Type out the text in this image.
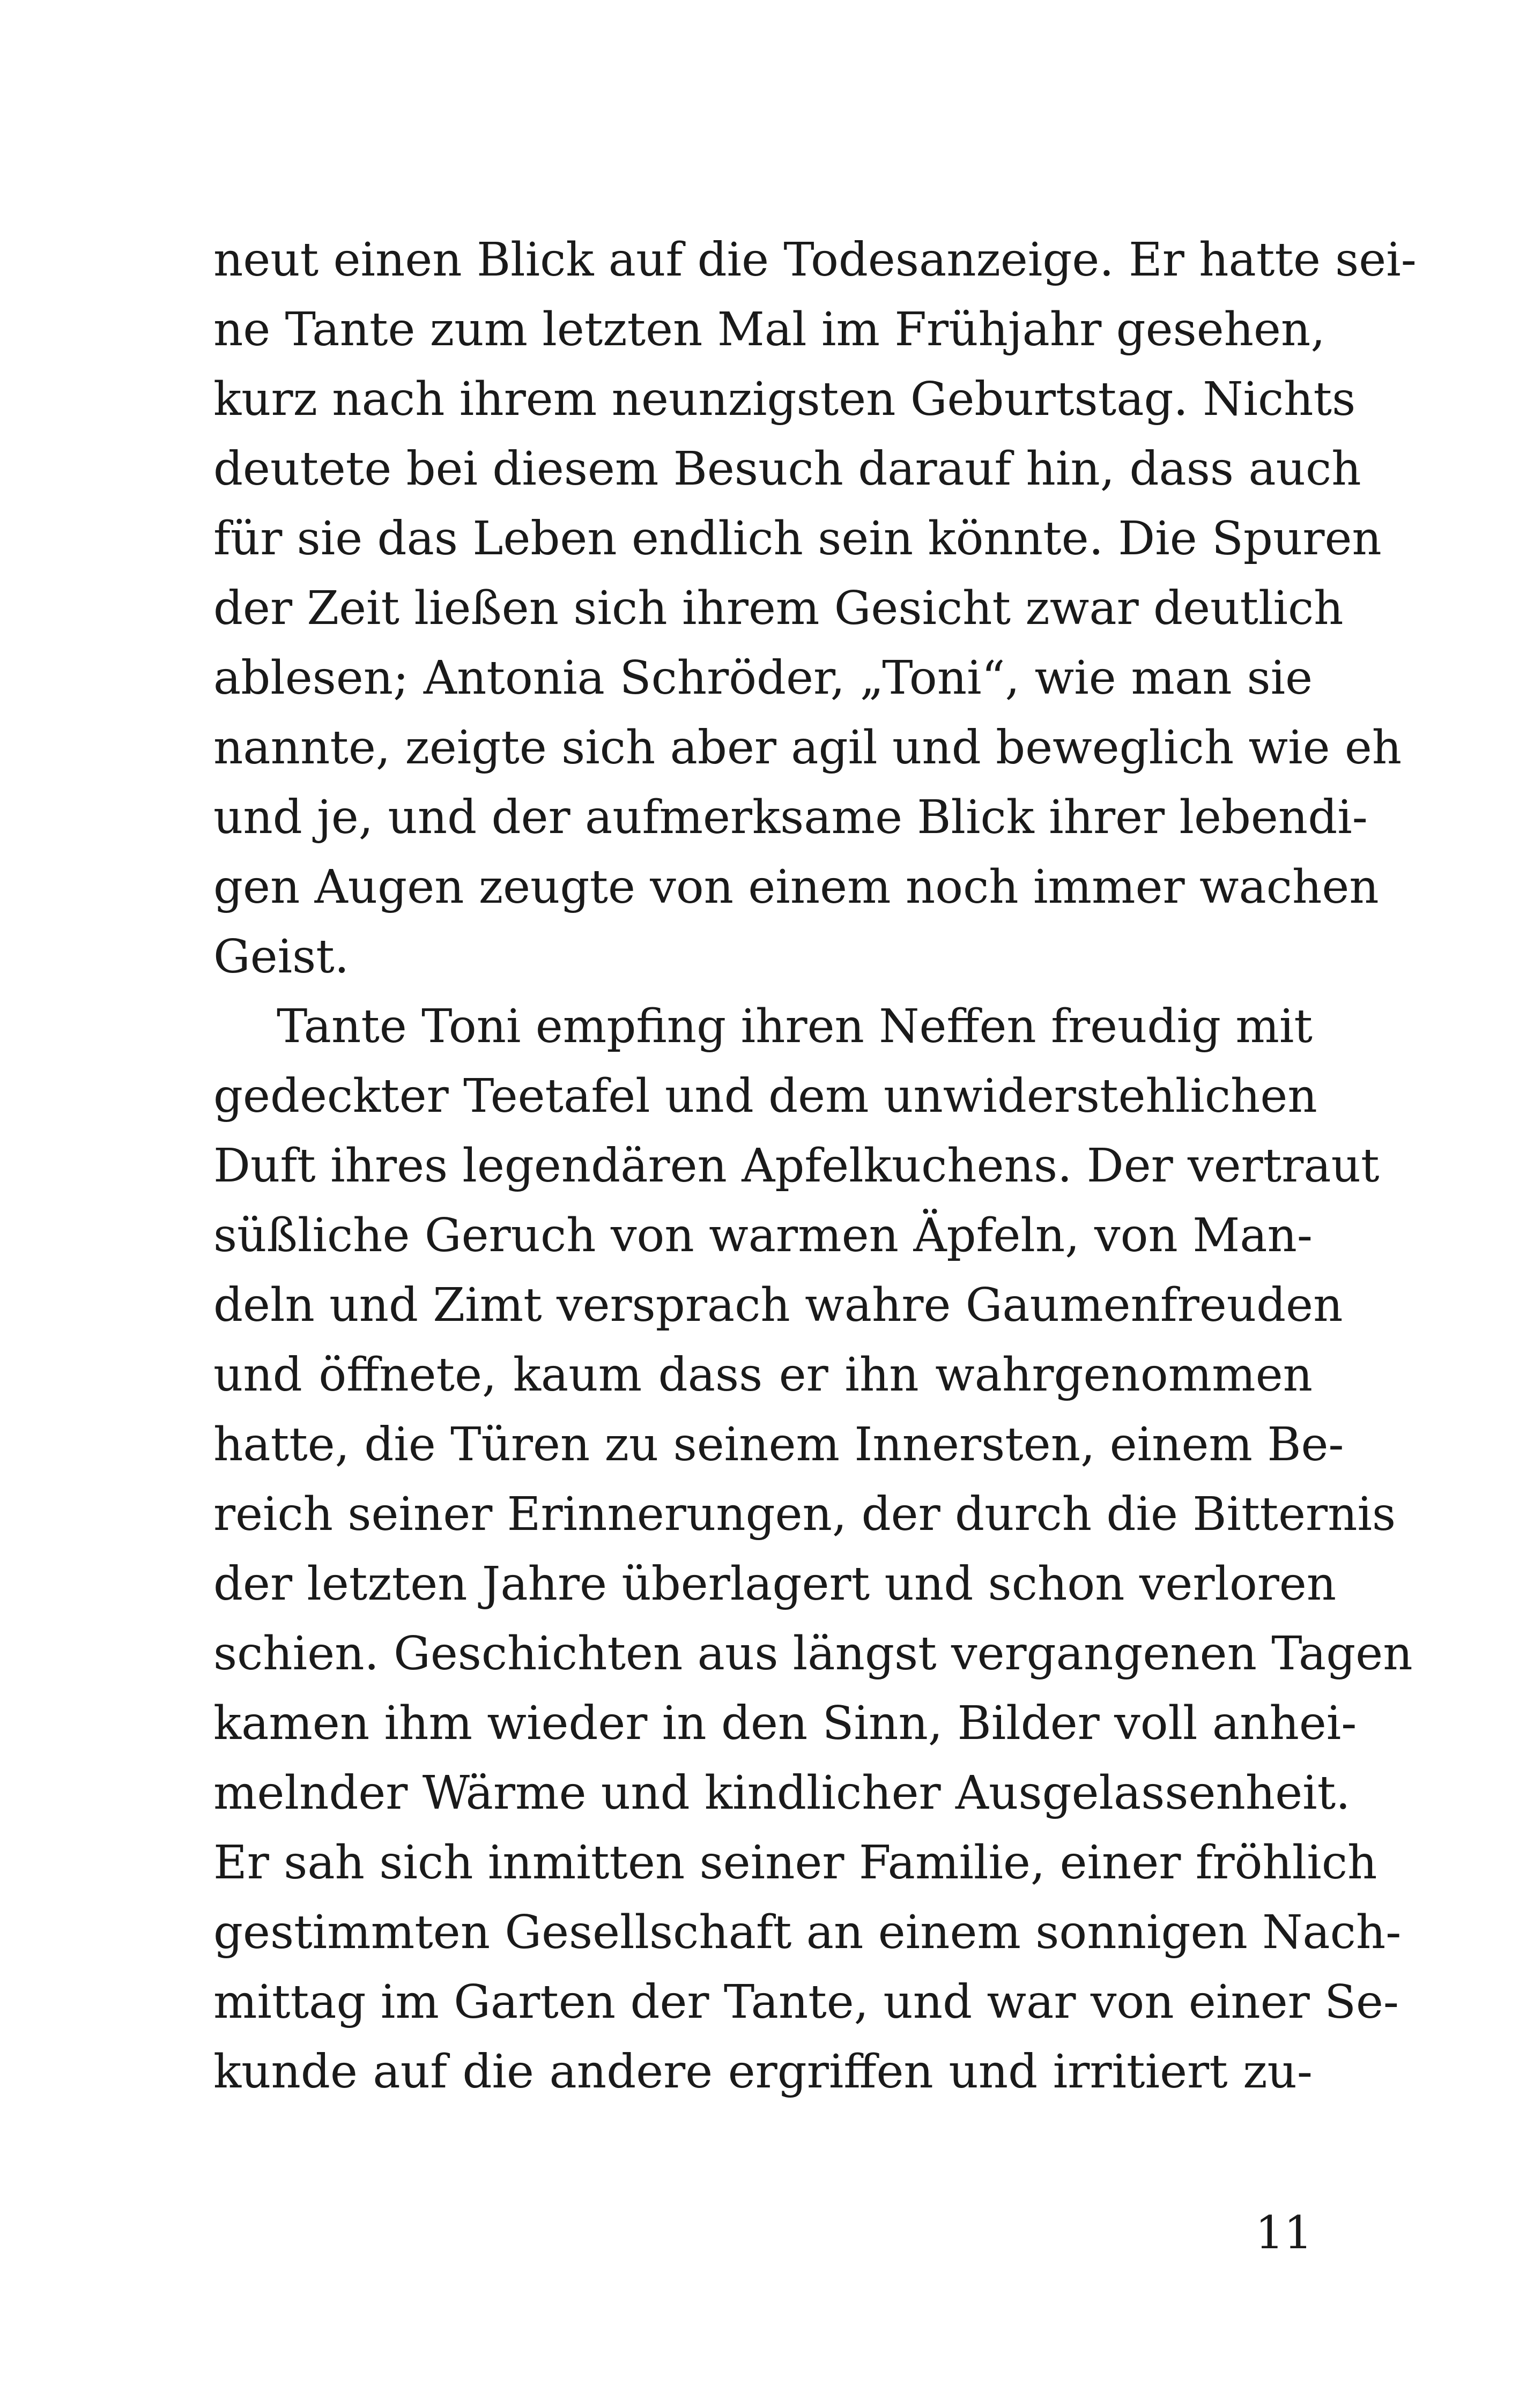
neut einen Blick auf die Todesanzeige. Er hatte sei-
ne Tante zum letzten Mal im Frühjahr gesehen,
kurz nach ihrem neunzigsten Geburtstag. Nichts
deutete bei diesem Besuch darauf hin, dass auch
für sie das Leben endlich sein könnte. Die Spuren
der Zeit ließen sich ihrem Gesicht zwar deutlich
ablesen; Antonia Schröder, „Toni“, wie man sie
nannte, zeigte sich aber agil und beweglich wie eh
und je, und der aufmerksame Blick ihrer lebendi-
gen Augen zeugte von einem noch immer wachen
Geist.
Tante Toni empfing ihren Neffen freudig mit
gedeckter Teetafel und dem unwiderstehlichen
Duft ihres legendären Apfelkuchens. Der vertraut
süßliche Geruch von warmen Äpfeln, von Man-
deln und Zimt versprach wahre Gaumenfreuden
und öffnete, kaum dass er ihn wahrgenommen
hatte, die Türen zu seinem Innersten, einem Be-
reich seiner Erinnerungen, der durch die Bitternis
der letzten Jahre überlagert und schon verloren
schien. Geschichten aus längst vergangenen Tagen
kamen ihm wieder in den Sinn, Bilder voll anhei-
melnder Wärme und kindlicher Ausgelassenheit.
Er sah sich inmitten seiner Familie, einer fröhlich
gestimmten Gesellschaft an einem sonnigen Nach-
mittag im Garten der Tante, und war von einer Se-
kunde auf die andere ergriffen und irritiert zu-
11
